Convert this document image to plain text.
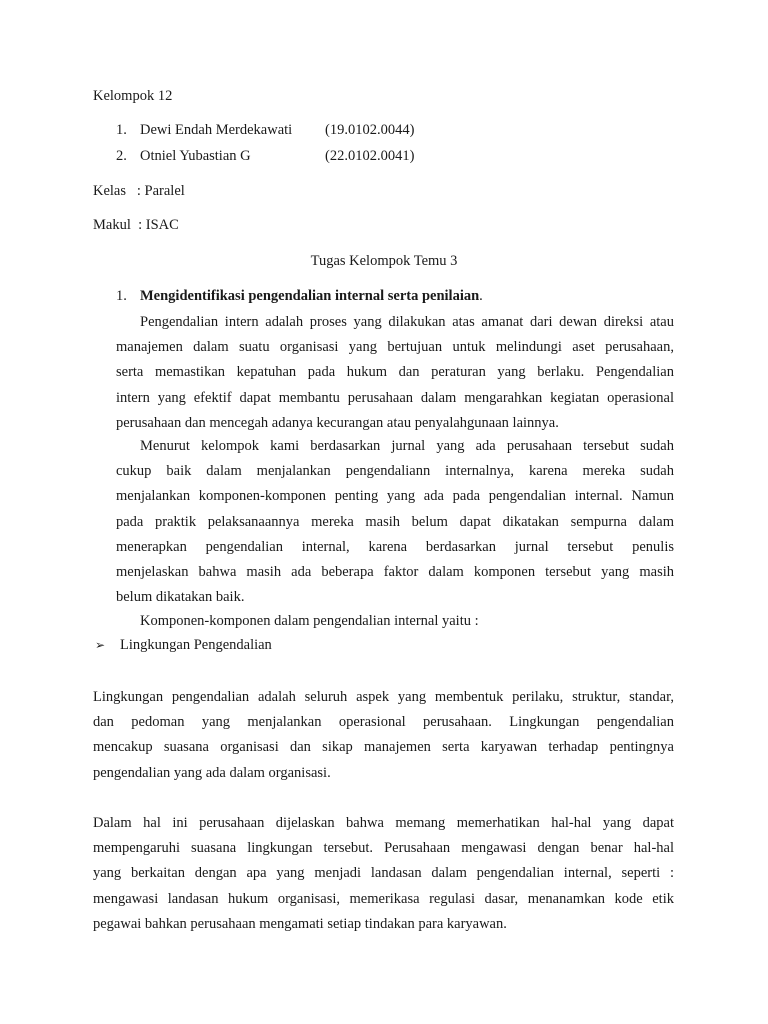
Kelompok 12
1. Dewi Endah Merdekawati (19.0102.0044)
2. Otniel Yubastian G	(22.0102.0041)
Kelas   : Paralel
Makul  : ISAC
Tugas Kelompok Temu 3
1. Mengidentifikasi pengendalian internal serta penilaian.
Pengendalian intern adalah proses yang dilakukan atas amanat dari dewan direksi atau
manajemen dalam suatu organisasi yang bertujuan untuk melindungi aset perusahaan,
serta memastikan kepatuhan pada hukum dan peraturan yang berlaku. Pengendalian
intern yang efektif dapat membantu perusahaan dalam mengarahkan kegiatan operasional
perusahaan dan mencegah adanya kecurangan atau penyalahgunaan lainnya.
Menurut kelompok kami berdasarkan jurnal yang ada perusahaan tersebut sudah
cukup baik dalam menjalankan pengendaliann internalnya, karena mereka sudah
menjalankan komponen-komponen penting yang ada pada pengendalian internal. Namun
pada praktik pelaksanaannya mereka masih belum dapat dikatakan sempurna dalam
menerapkan pengendalian internal, karena berdasarkan jurnal tersebut penulis
menjelaskan bahwa masih ada beberapa faktor dalam komponen tersebut yang masih
belum dikatakan baik.
Komponen-komponen dalam pengendalian internal yaitu :
➢ Lingkungan Pengendalian
Lingkungan pengendalian adalah seluruh aspek yang membentuk perilaku, struktur, standar,
dan pedoman yang menjalankan operasional perusahaan. Lingkungan pengendalian
mencakup suasana organisasi dan sikap manajemen serta karyawan terhadap pentingnya
pengendalian yang ada dalam organisasi.
Dalam hal ini perusahaan dijelaskan bahwa memang memerhatikan hal-hal yang dapat
mempengaruhi suasana lingkungan tersebut. Perusahaan mengawasi dengan benar hal-hal
yang berkaitan dengan apa yang menjadi landasan dalam pengendalian internal, seperti :
mengawasi landasan hukum organisasi, memerikasa regulasi dasar, menanamkan kode etik
pegawai bahkan perusahaan mengamati setiap tindakan para karyawan.
